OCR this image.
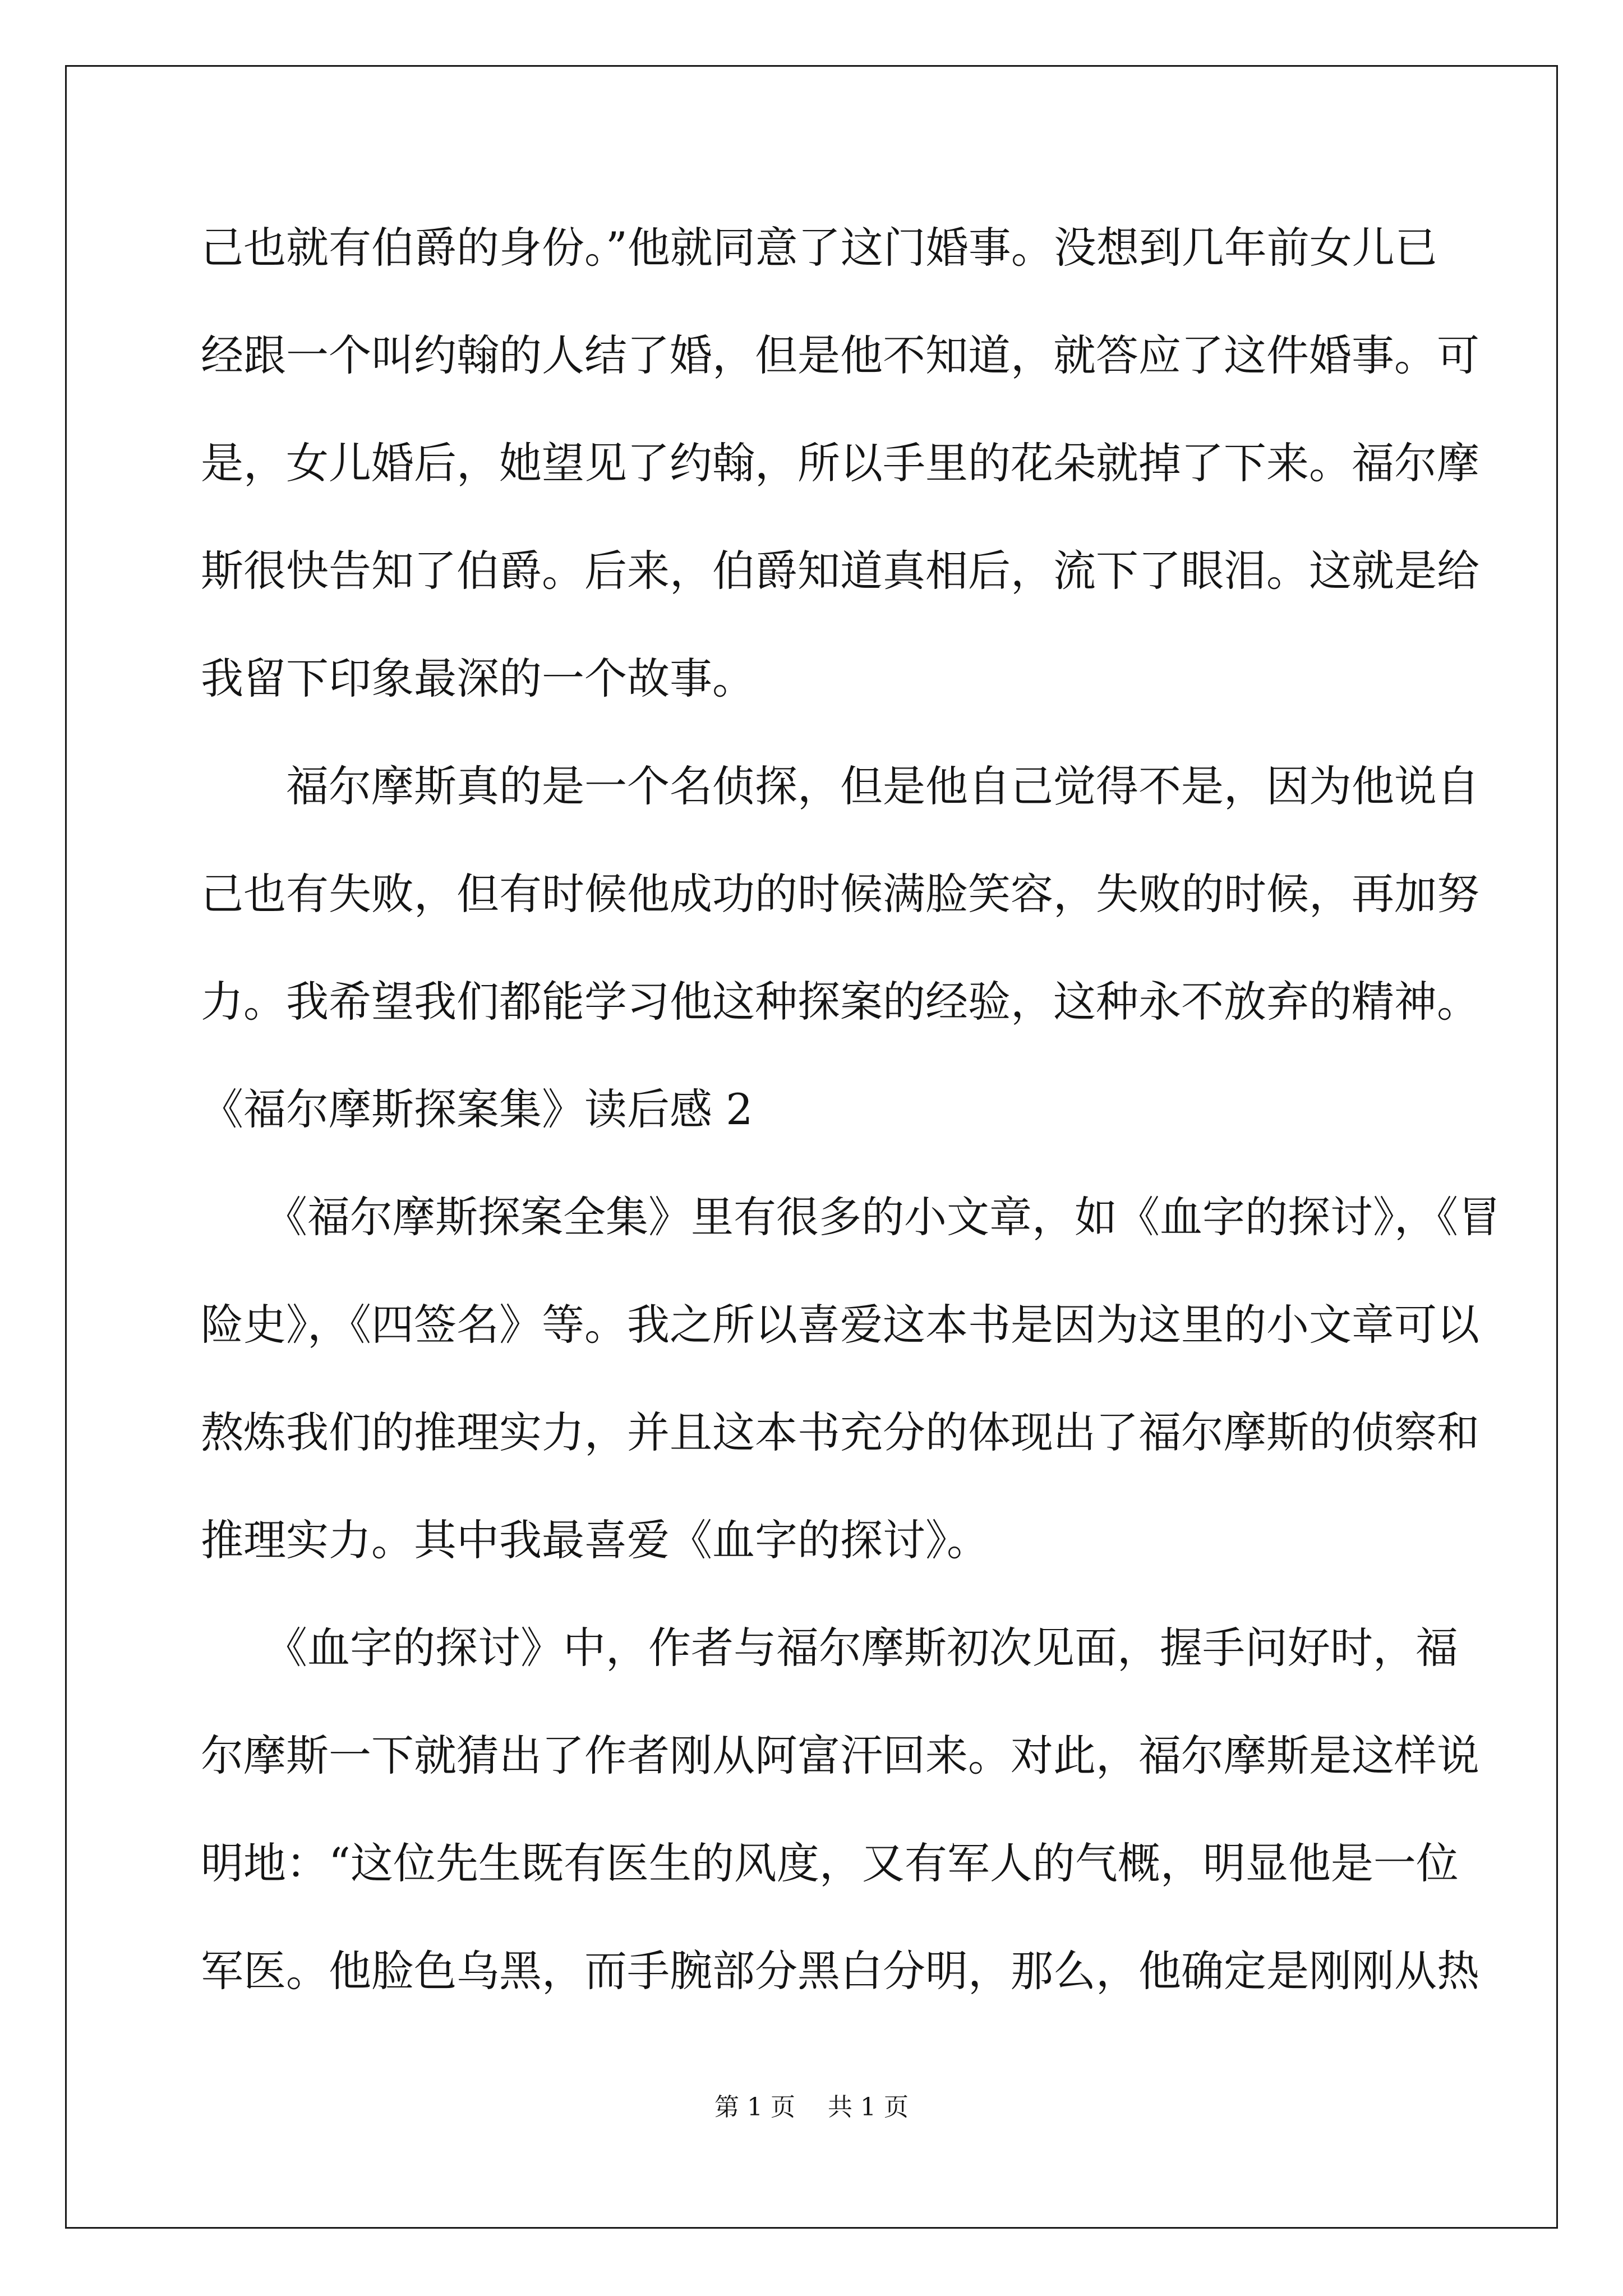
己也就有伯爵的身份。”他就同意了这门婚事。没想到几年前女儿已
经跟一个叫约翰的人结了婚，但是他不知道，就答应了这件婚事。可
是，女儿婚后，她望见了约翰，所以手里的花朵就掉了下来。福尔摩
斯很快告知了伯爵。后来，伯爵知道真相后，流下了眼泪。这就是给
我留下印象最深的一个故事。
　　福尔摩斯真的是一个名侦探，但是他自己觉得不是，因为他说自
己也有失败，但有时候他成功的时候满脸笑容，失败的时候，再加努
力。我希望我们都能学习他这种探案的经验，这种永不放弃的精神。
《福尔摩斯探案集》读后感 2
　　《福尔摩斯探案全集》里有很多的小文章，如《血字的探讨》，《冒
险史》，《四签名》等。我之所以喜爱这本书是因为这里的小文章可以
熬炼我们的推理实力，并且这本书充分的体现出了福尔摩斯的侦察和
推理实力。其中我最喜爱《血字的探讨》。
　　《血字的探讨》中，作者与福尔摩斯初次见面，握手问好时，福
尔摩斯一下就猜出了作者刚从阿富汗回来。对此，福尔摩斯是这样说
明地：“这位先生既有医生的风度，又有军人的气概，明显他是一位
军医。他脸色乌黑，而手腕部分黑白分明，那么，他确定是刚刚从热
第 1 页　 共 1 页
